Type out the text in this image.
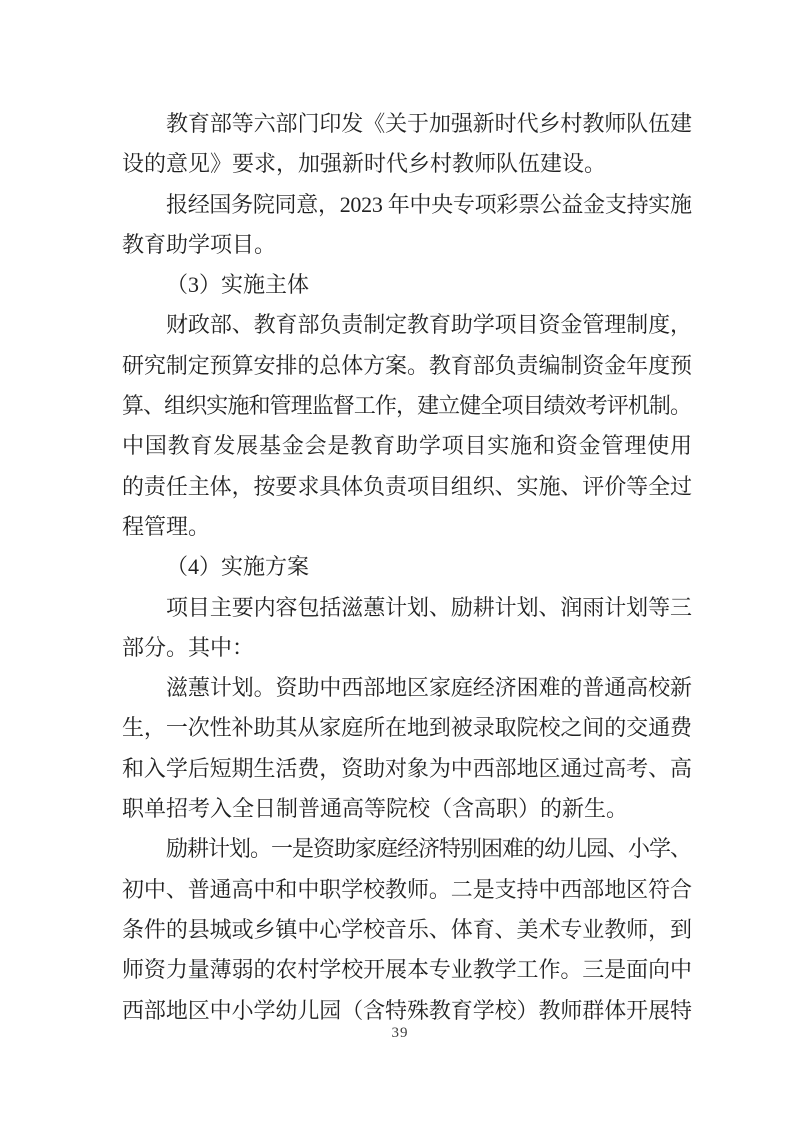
教育部等六部门印发《关于加强新时代乡村教师队伍建
设的意见》要求，加强新时代乡村教师队伍建设。
报经国务院同意，2023 年中央专项彩票公益金支持实施
教育助学项目。
（3）实施主体
财政部、教育部负责制定教育助学项目资金管理制度，
研究制定预算安排的总体方案。教育部负责编制资金年度预
算、组织实施和管理监督工作，建立健全项目绩效考评机制。
中国教育发展基金会是教育助学项目实施和资金管理使用
的责任主体，按要求具体负责项目组织、实施、评价等全过
程管理。
（4）实施方案
项目主要内容包括滋蕙计划、励耕计划、润雨计划等三
部分。其中：
滋蕙计划。资助中西部地区家庭经济困难的普通高校新
生，一次性补助其从家庭所在地到被录取院校之间的交通费
和入学后短期生活费，资助对象为中西部地区通过高考、高
职单招考入全日制普通高等院校（含高职）的新生。
励耕计划。一是资助家庭经济特别困难的幼儿园、小学、
初中、普通高中和中职学校教师。二是支持中西部地区符合
条件的县城或乡镇中心学校音乐、体育、美术专业教师，到
师资力量薄弱的农村学校开展本专业教学工作。三是面向中
西部地区中小学幼儿园（含特殊教育学校）教师群体开展特
39
